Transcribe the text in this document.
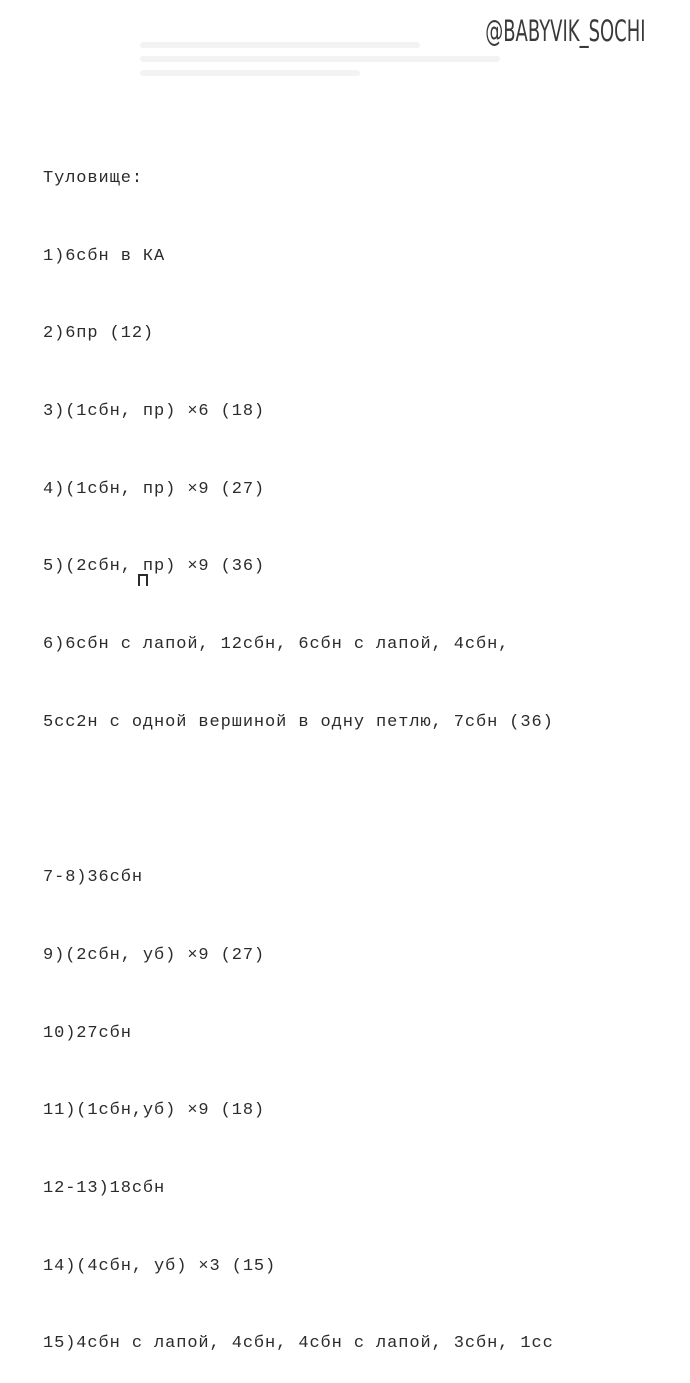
@BABYVIK_SOCHI

Туловище:

1)6сбн в КА

2)6пр (12)

3)(1сбн, пр) ×6 (18)

4)(1сбн, пр) ×9 (27)

5)(2сбн, пр) ×9 (36)

6)6сбн с лапой, 12сбн, 6сбн с лапой, 4сбн,

5сс2н с одной вершиной в одну петлю, 7сбн (36)

7-8)36сбн

9)(2сбн, уб) ×9 (27)

10)27сбн

11)(1сбн,уб) ×9 (18)

12-13)18сбн

14)(4сбн, уб) ×3 (15)

15)4сбн с лапой, 4сбн, 4сбн с лапой, 3сбн, 1сс
